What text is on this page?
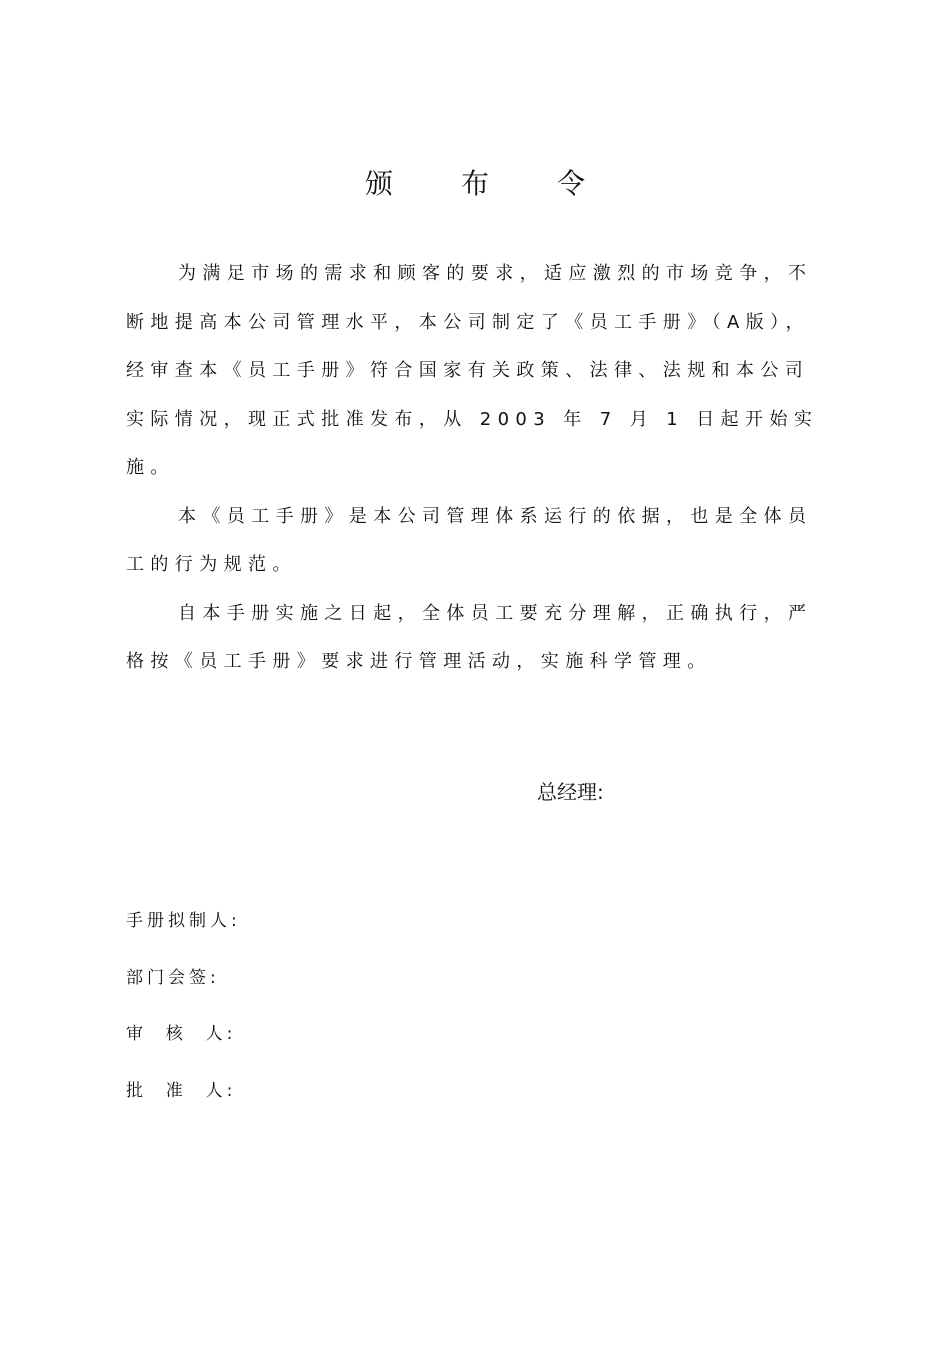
颁 布 令

为满足市场的需求和顾客的要求，适应激烈的市场竞争，不断地提高本公司管理水平，本公司制定了《员工手册》（A版），经审查本《员工手册》符合国家有关政策、法律、法规和本公司实际情况，现正式批准发布，从 2003 年 7 月 1 日起开始实施。

本《员工手册》是本公司管理体系运行的依据，也是全体员工的行为规范。

自本手册实施之日起，全体员工要充分理解，正确执行，严格按《员工手册》要求进行管理活动，实施科学管理。

总经理:
手册拟制人:
部门会签:
审  核  人:
批  准  人:
